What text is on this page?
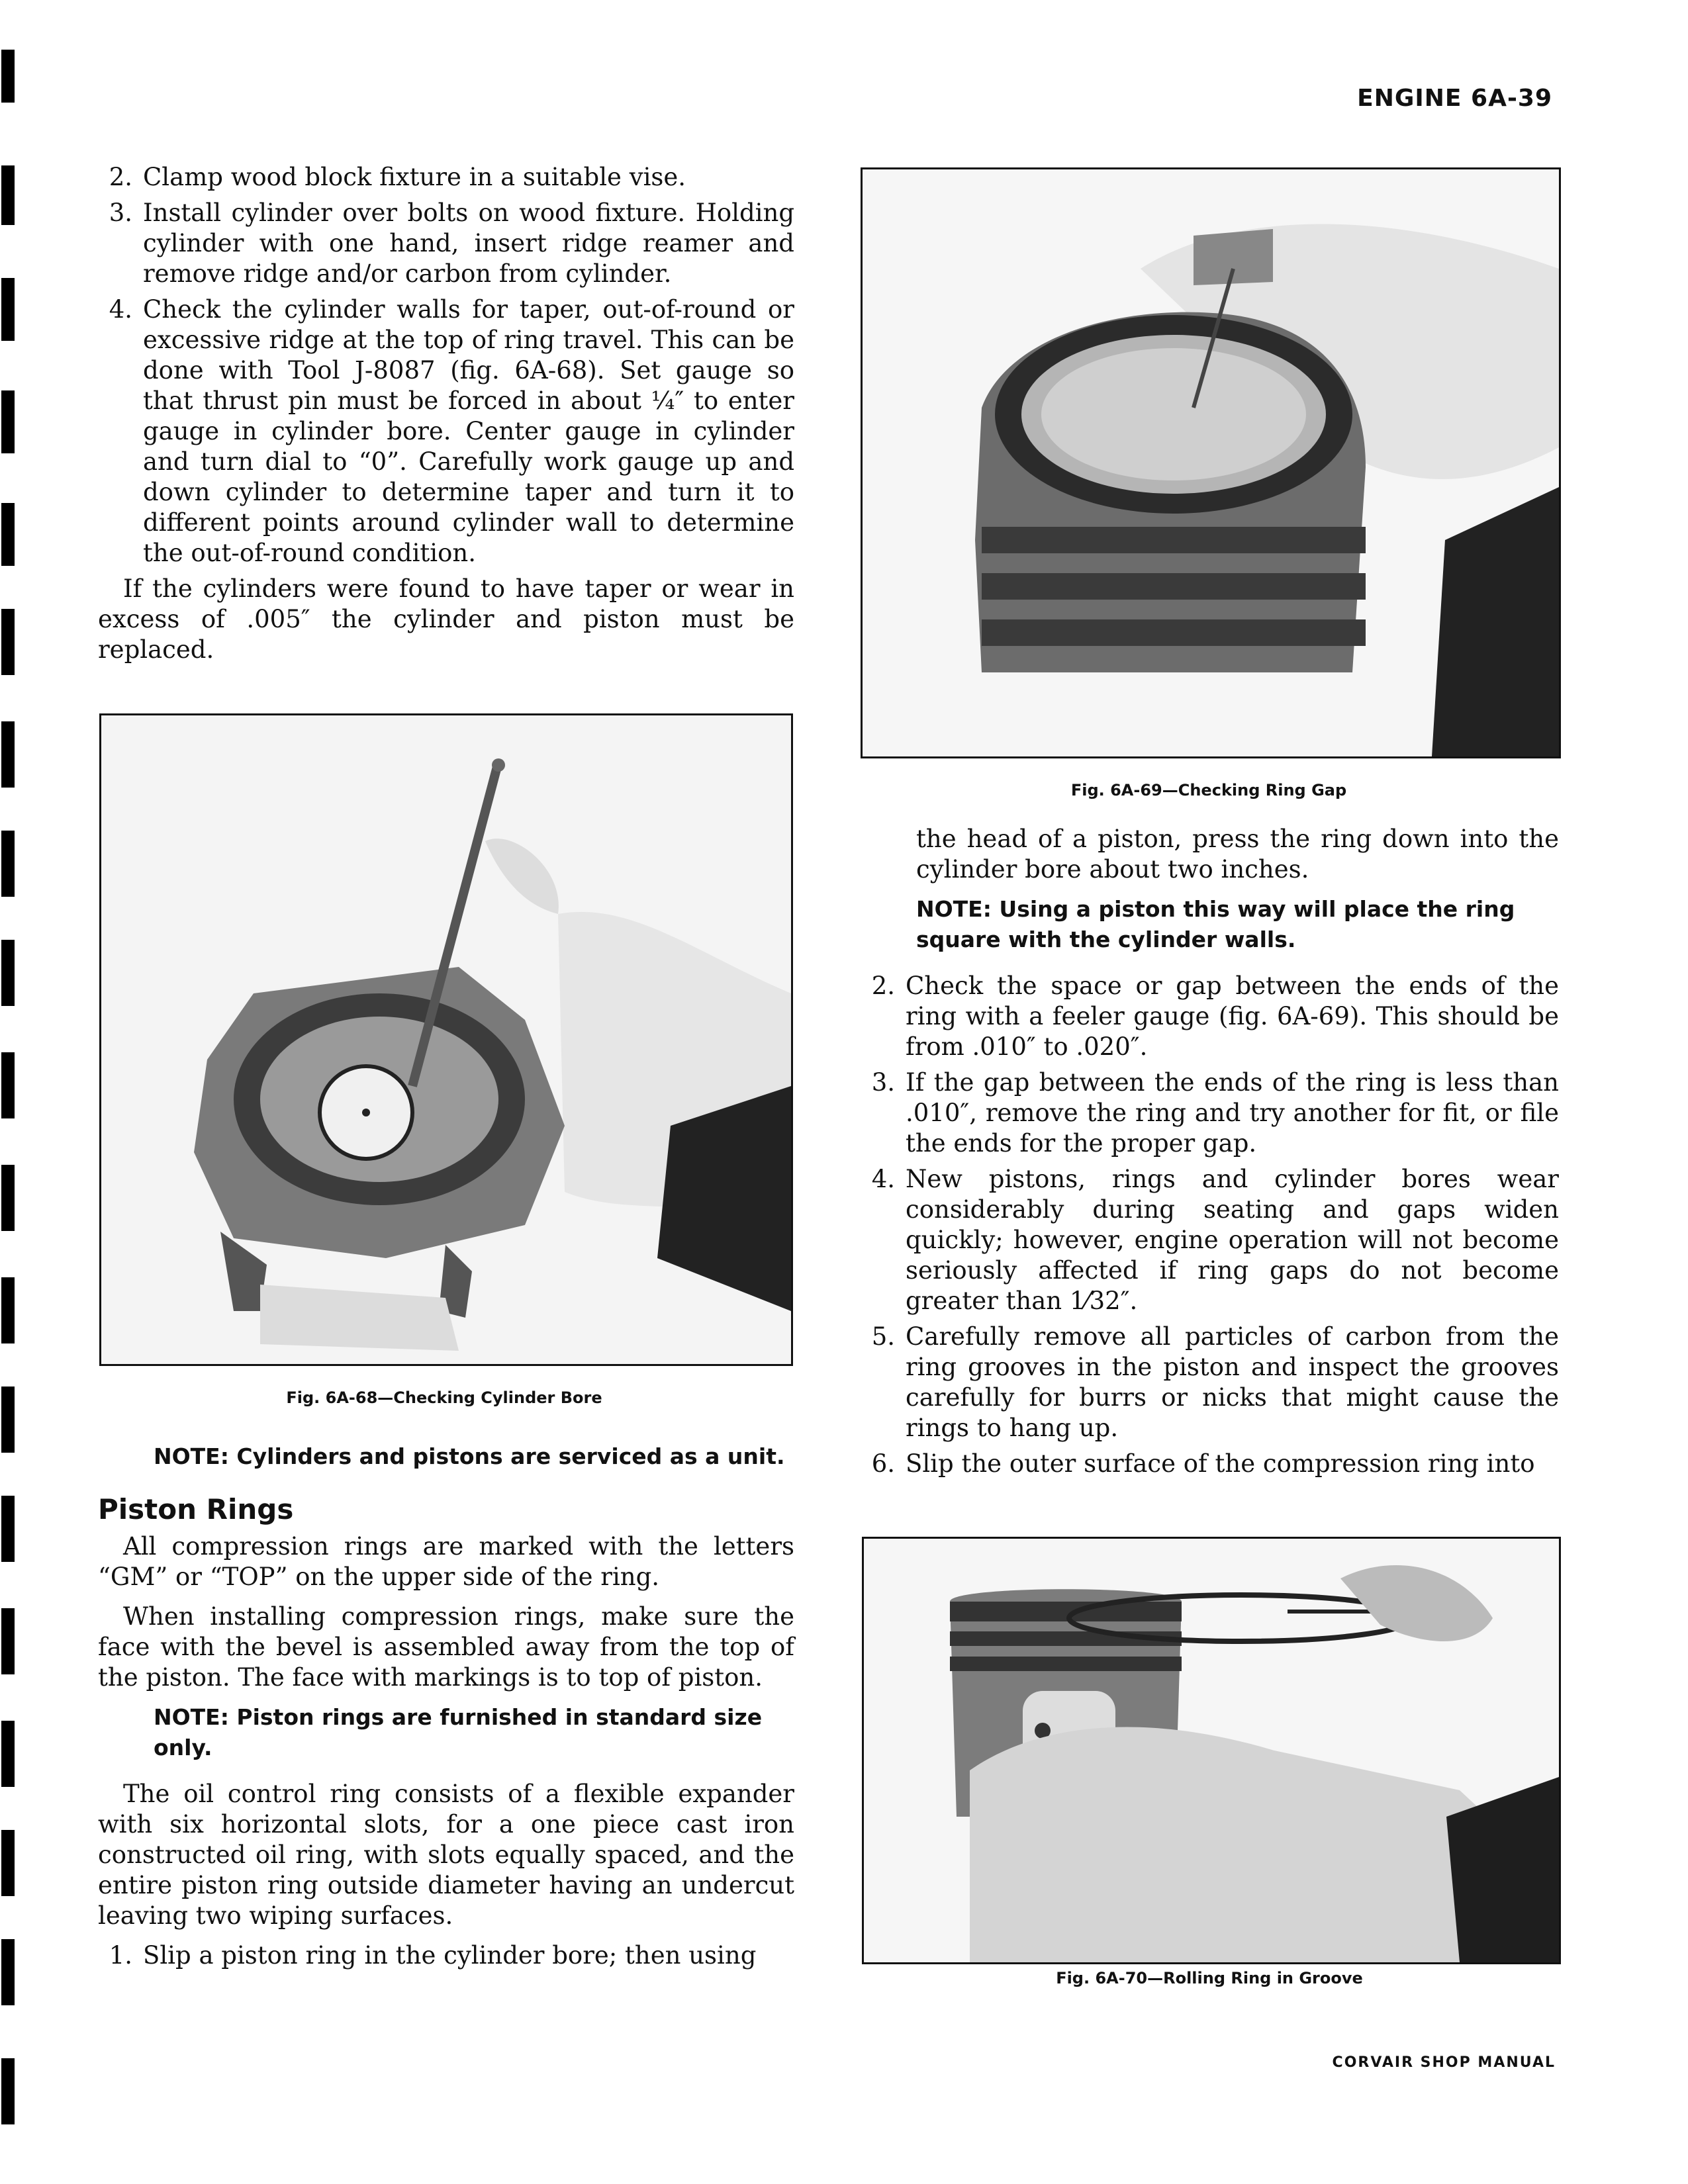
ENGINE 6A-39
2. Clamp wood block fixture in a suitable vise.
3. Install cylinder over bolts on wood fixture. Holding cylinder with one hand, insert ridge reamer and remove ridge and/or carbon from cylinder.
4. Check the cylinder walls for taper, out-of-round or excessive ridge at the top of ring travel. This can be done with Tool J-8087 (fig. 6A-68). Set gauge so that thrust pin must be forced in about ¼″ to enter gauge in cylinder bore. Center gauge in cylinder and turn dial to “0”. Carefully work gauge up and down cylinder to determine taper and turn it to different points around cylinder wall to determine the out-of-round condition.

If the cylinders were found to have taper or wear in excess of .005″ the cylinder and piston must be replaced.

Fig. 6A-68—Checking Cylinder Bore
NOTE: Cylinders and pistons are serviced as a unit.
Piston Rings

All compression rings are marked with the letters “GM” or “TOP” on the upper side of the ring.

When installing compression rings, make sure the face with the bevel is assembled away from the top of the piston. The face with markings is to top of piston.

NOTE: Piston rings are furnished in standard size only.

The oil control ring consists of a flexible expander with six horizontal slots, for a one piece cast iron constructed oil ring, with slots equally spaced, and the entire piston ring outside diameter having an undercut leaving two wiping surfaces.

1. Slip a piston ring in the cylinder bore; then using
Fig. 6A-69—Checking Ring Gap

the head of a piston, press the ring down into the cylinder bore about two inches.

NOTE: Using a piston this way will place the ring square with the cylinder walls.
2. Check the space or gap between the ends of the ring with a feeler gauge (fig. 6A-69). This should be from .010″ to .020″.
3. If the gap between the ends of the ring is less than .010″, remove the ring and try another for fit, or file the ends for the proper gap.
4. New pistons, rings and cylinder bores wear considerably during seating and gaps widen quickly; however, engine operation will not become seriously affected if ring gaps do not become greater than 1⁄32″.
5. Carefully remove all particles of carbon from the ring grooves in the piston and inspect the grooves carefully for burrs or nicks that might cause the rings to hang up.
6. Slip the outer surface of the compression ring into
Fig. 6A-70—Rolling Ring in Groove
CORVAIR SHOP MANUAL
